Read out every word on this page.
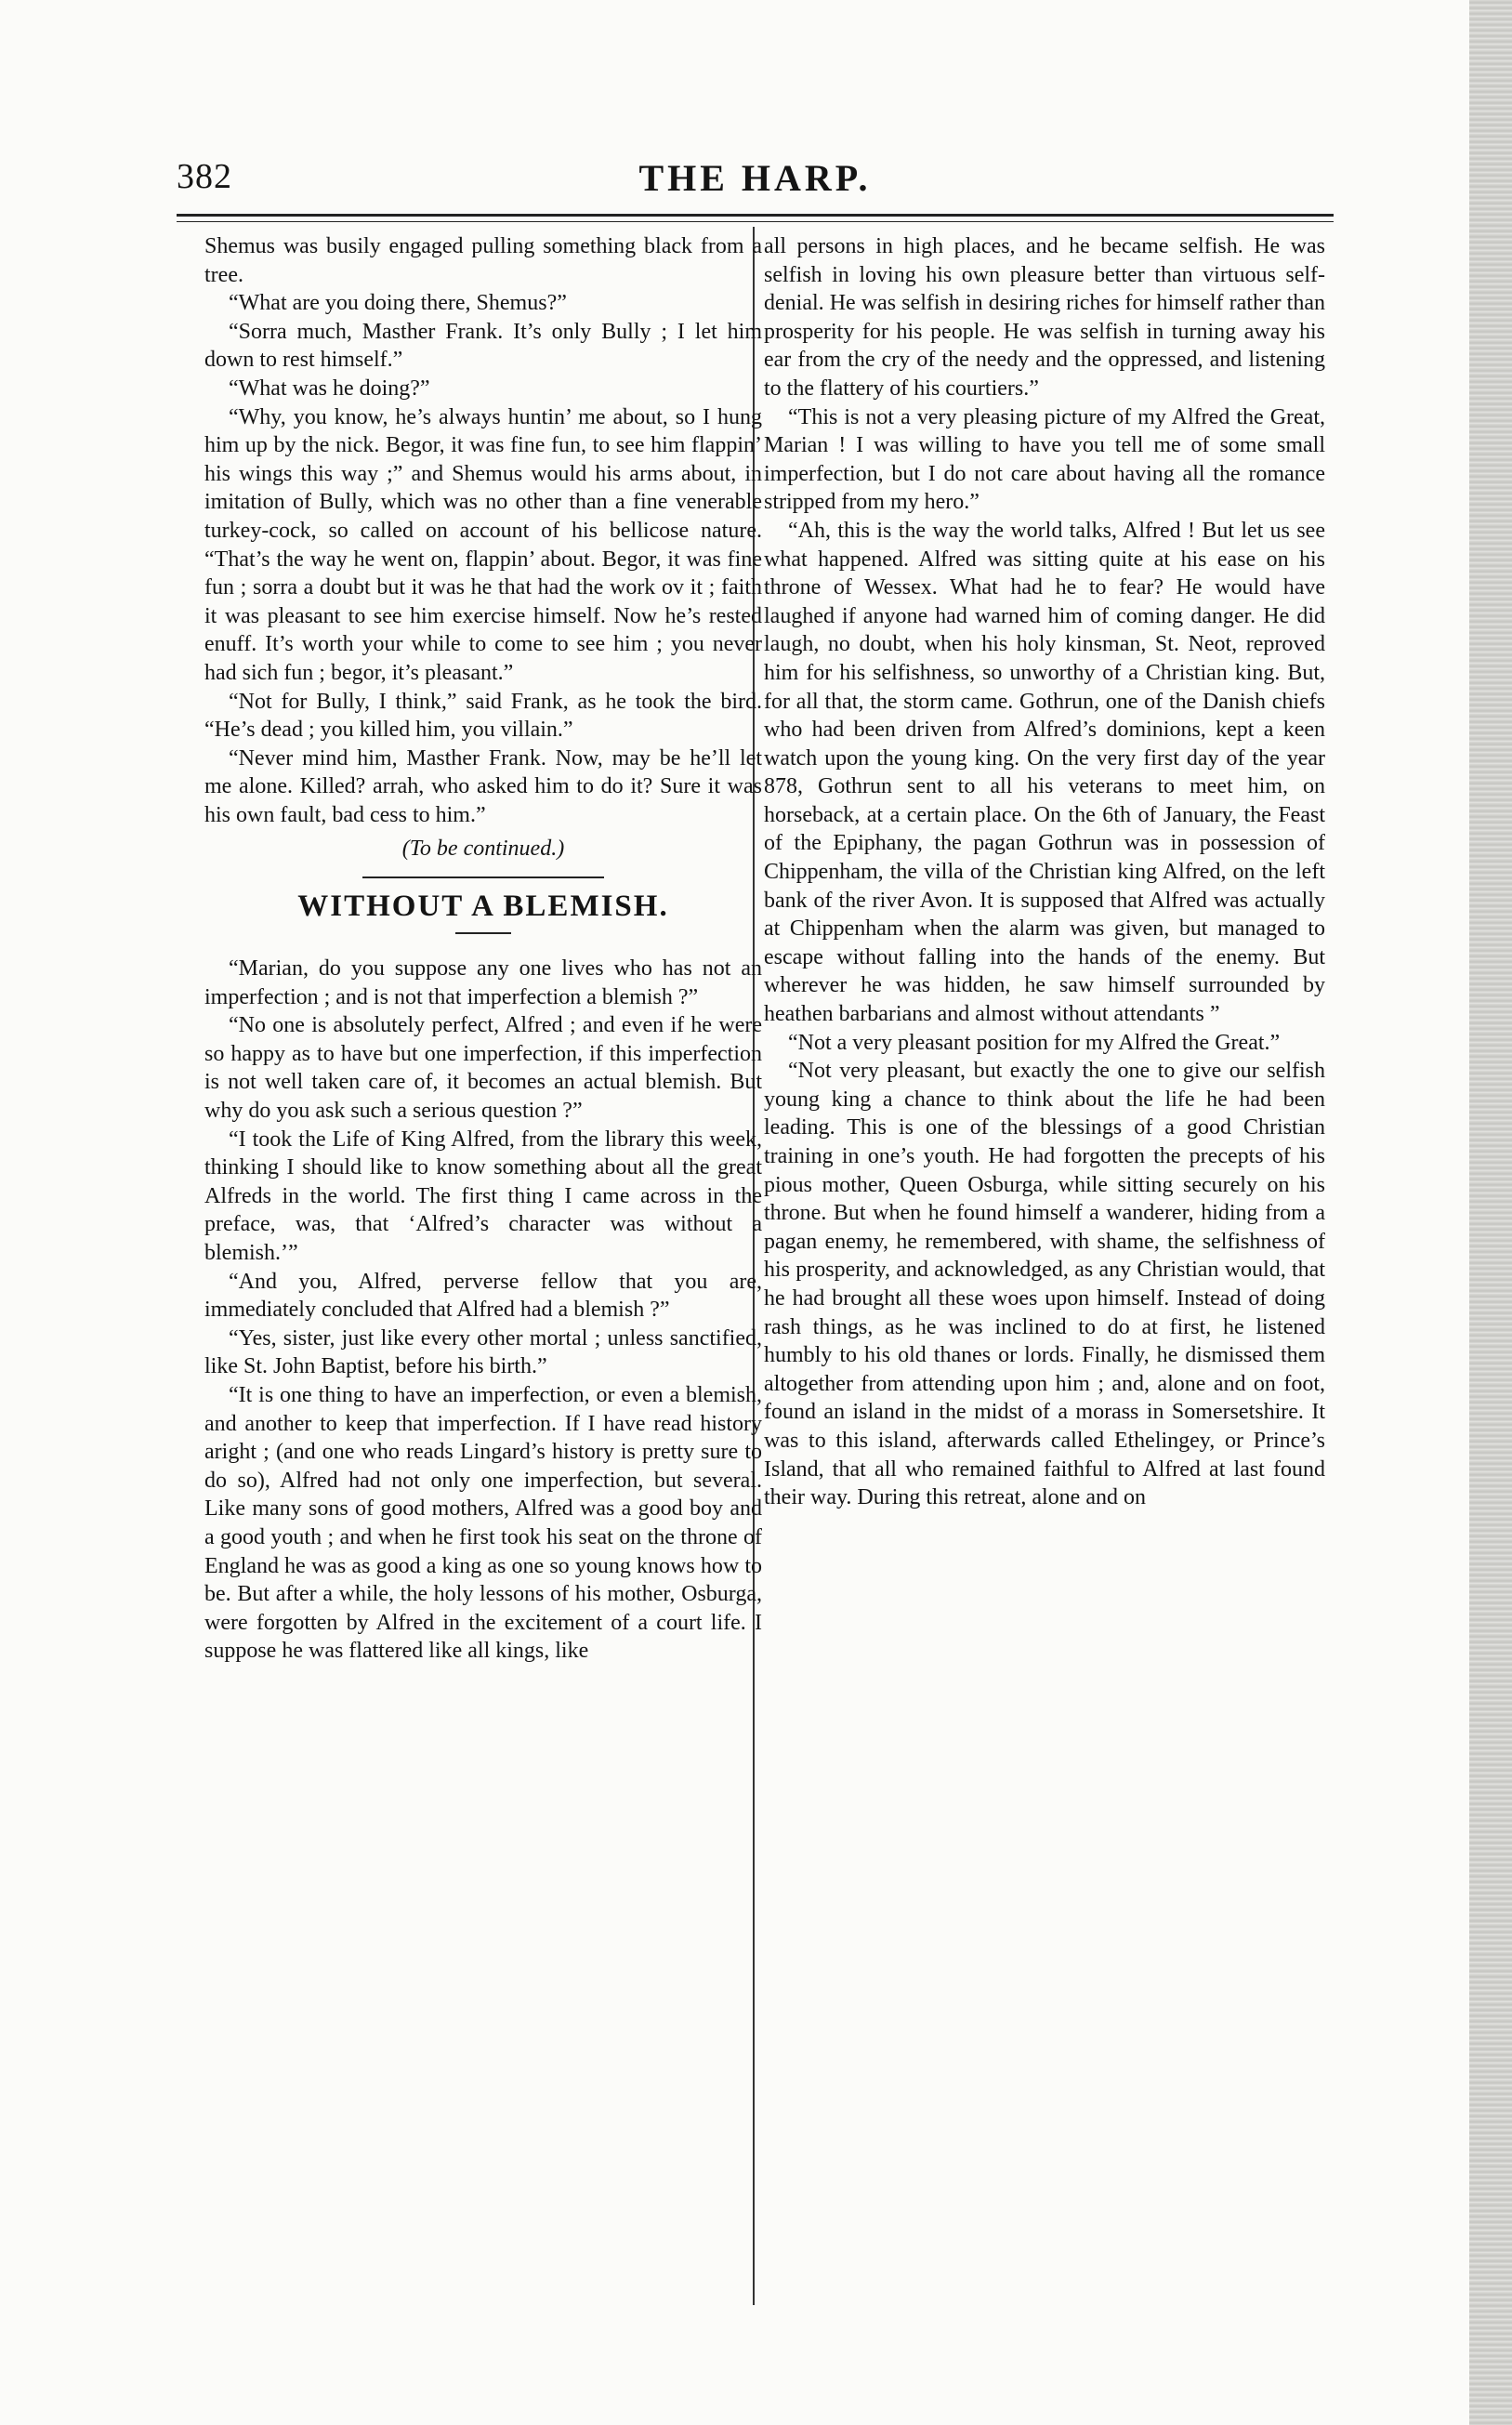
382	THE HARP.

Shemus was busily engaged pulling something black from a tree.

“What are you doing there, Shemus?”

“Sorra much, Masther Frank. It’s only Bully ; I let him down to rest himself.”

“What was he doing?”

“Why, you know, he’s always huntin’ me about, so I hung him up by the nick. Begor, it was fine fun, to see him flappin’ his wings this way ;” and Shemus would his arms about, in imitation of Bully, which was no other than a fine venerable turkey-cock, so called on account of his bellicose nature. “That’s the way he went on, flappin’ about. Begor, it was fine fun ; sorra a doubt but it was he that had the work ov it ; faith it was pleasant to see him exercise himself. Now he’s rested enuff. It’s worth your while to come to see him ; you never had sich fun ; begor, it’s pleasant.”

“Not for Bully, I think,” said Frank, as he took the bird. “He’s dead ; you killed him, you villain.”

“Never mind him, Masther Frank. Now, may be he’ll let me alone. Killed? arrah, who asked him to do it? Sure it was his own fault, bad cess to him.”

(To be continued.)
WITHOUT A BLEMISH.

“Marian, do you suppose any one lives who has not an imperfection ; and is not that imperfection a blemish ?”

“No one is absolutely perfect, Alfred ; and even if he were so happy as to have but one imperfection, if this imperfection is not well taken care of, it becomes an actual blemish. But why do you ask such a serious question ?”

“I took the Life of King Alfred, from the library this week, thinking I should like to know something about all the great Alfreds in the world. The first thing I came across in the preface, was, that ‘Alfred’s character was without a blemish.’”

“And you, Alfred, perverse fellow that you are, immediately concluded that Alfred had a blemish ?”

“Yes, sister, just like every other mortal ; unless sanctified, like St. John Baptist, before his birth.”

“It is one thing to have an imperfection, or even a blemish, and another to keep that imperfection. If I have read history aright ; (and one who reads Lingard’s history is pretty sure to do so), Alfred had not only one imperfection, but several. Like many sons of good mothers, Alfred was a good boy and a good youth ; and when he first took his seat on the throne of England he was as good a king as one so young knows how to be. But after a while, the holy lessons of his mother, Osburga, were forgotten by Alfred in the excitement of a court life. I suppose he was flattered like all kings, like

all persons in high places, and he became selfish. He was selfish in loving his own pleasure better than virtuous self-denial. He was selfish in desiring riches for himself rather than prosperity for his people. He was selfish in turning away his ear from the cry of the needy and the oppressed, and listening to the flattery of his courtiers.”

“This is not a very pleasing picture of my Alfred the Great, Marian ! I was willing to have you tell me of some small imperfection, but I do not care about having all the romance stripped from my hero.”

“Ah, this is the way the world talks, Alfred ! But let us see what happened. Alfred was sitting quite at his ease on his throne of Wessex. What had he to fear? He would have laughed if anyone had warned him of coming danger. He did laugh, no doubt, when his holy kinsman, St. Neot, reproved him for his selfishness, so unworthy of a Christian king. But, for all that, the storm came. Gothrun, one of the Danish chiefs who had been driven from Alfred’s dominions, kept a keen watch upon the young king. On the very first day of the year 878, Gothrun sent to all his veterans to meet him, on horseback, at a certain place. On the 6th of January, the Feast of the Epiphany, the pagan Gothrun was in possession of Chippenham, the villa of the Christian king Alfred, on the left bank of the river Avon. It is supposed that Alfred was actually at Chippenham when the alarm was given, but managed to escape without falling into the hands of the enemy. But wherever he was hidden, he saw himself surrounded by heathen barbarians and almost without attendants ”

“Not a very pleasant position for my Alfred the Great.”

“Not very pleasant, but exactly the one to give our selfish young king a chance to think about the life he had been leading. This is one of the blessings of a good Christian training in one’s youth. He had forgotten the precepts of his pious mother, Queen Osburga, while sitting securely on his throne. But when he found himself a wanderer, hiding from a pagan enemy, he remembered, with shame, the selfishness of his prosperity, and acknowledged, as any Christian would, that he had brought all these woes upon himself. Instead of doing rash things, as he was inclined to do at first, he listened humbly to his old thanes or lords. Finally, he dismissed them altogether from attending upon him ; and, alone and on foot, found an island in the midst of a morass in Somersetshire. It was to this island, afterwards called Ethelingey, or Prince’s Island, that all who remained faithful to Alfred at last found their way. During this retreat, alone and on
